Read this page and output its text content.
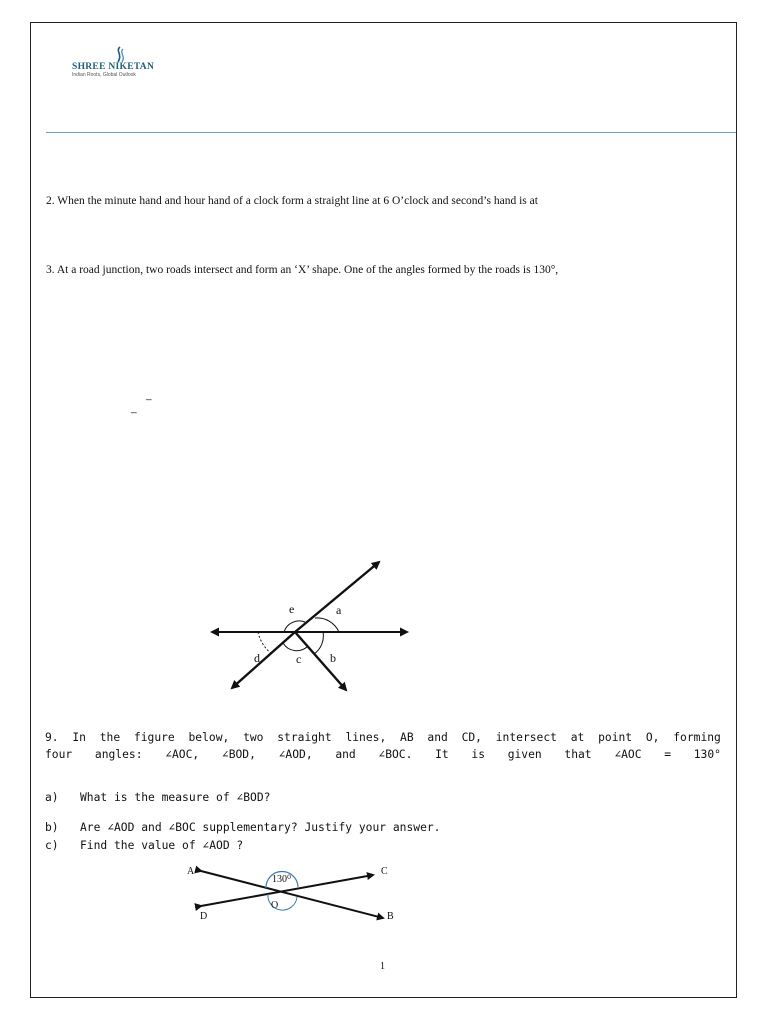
SHREE NIKETAN
Indian Roots, Global Outlook
2. When the minute hand and hour hand of a clock form a straight line at 6 O’clock and second’s hand is at
3. At a road junction, two roads intersect and form an ‘X’ shape. One of the angles formed by the roads is 130°,
_
_
e	a
d	c b
9. In the figure below, two straight lines, AB and CD, intersect at point O, forming
four angles: ∠AOC, ∠BOD, ∠AOD, and ∠BOC. It is given that ∠AOC = 130°
a) What is the measure of ∠BOD?
b) Are ∠AOD and ∠BOC supplementary? Justify your answer.
c) Find the value of ∠AOD ?
130⁰
A	C
D	B
O
1
